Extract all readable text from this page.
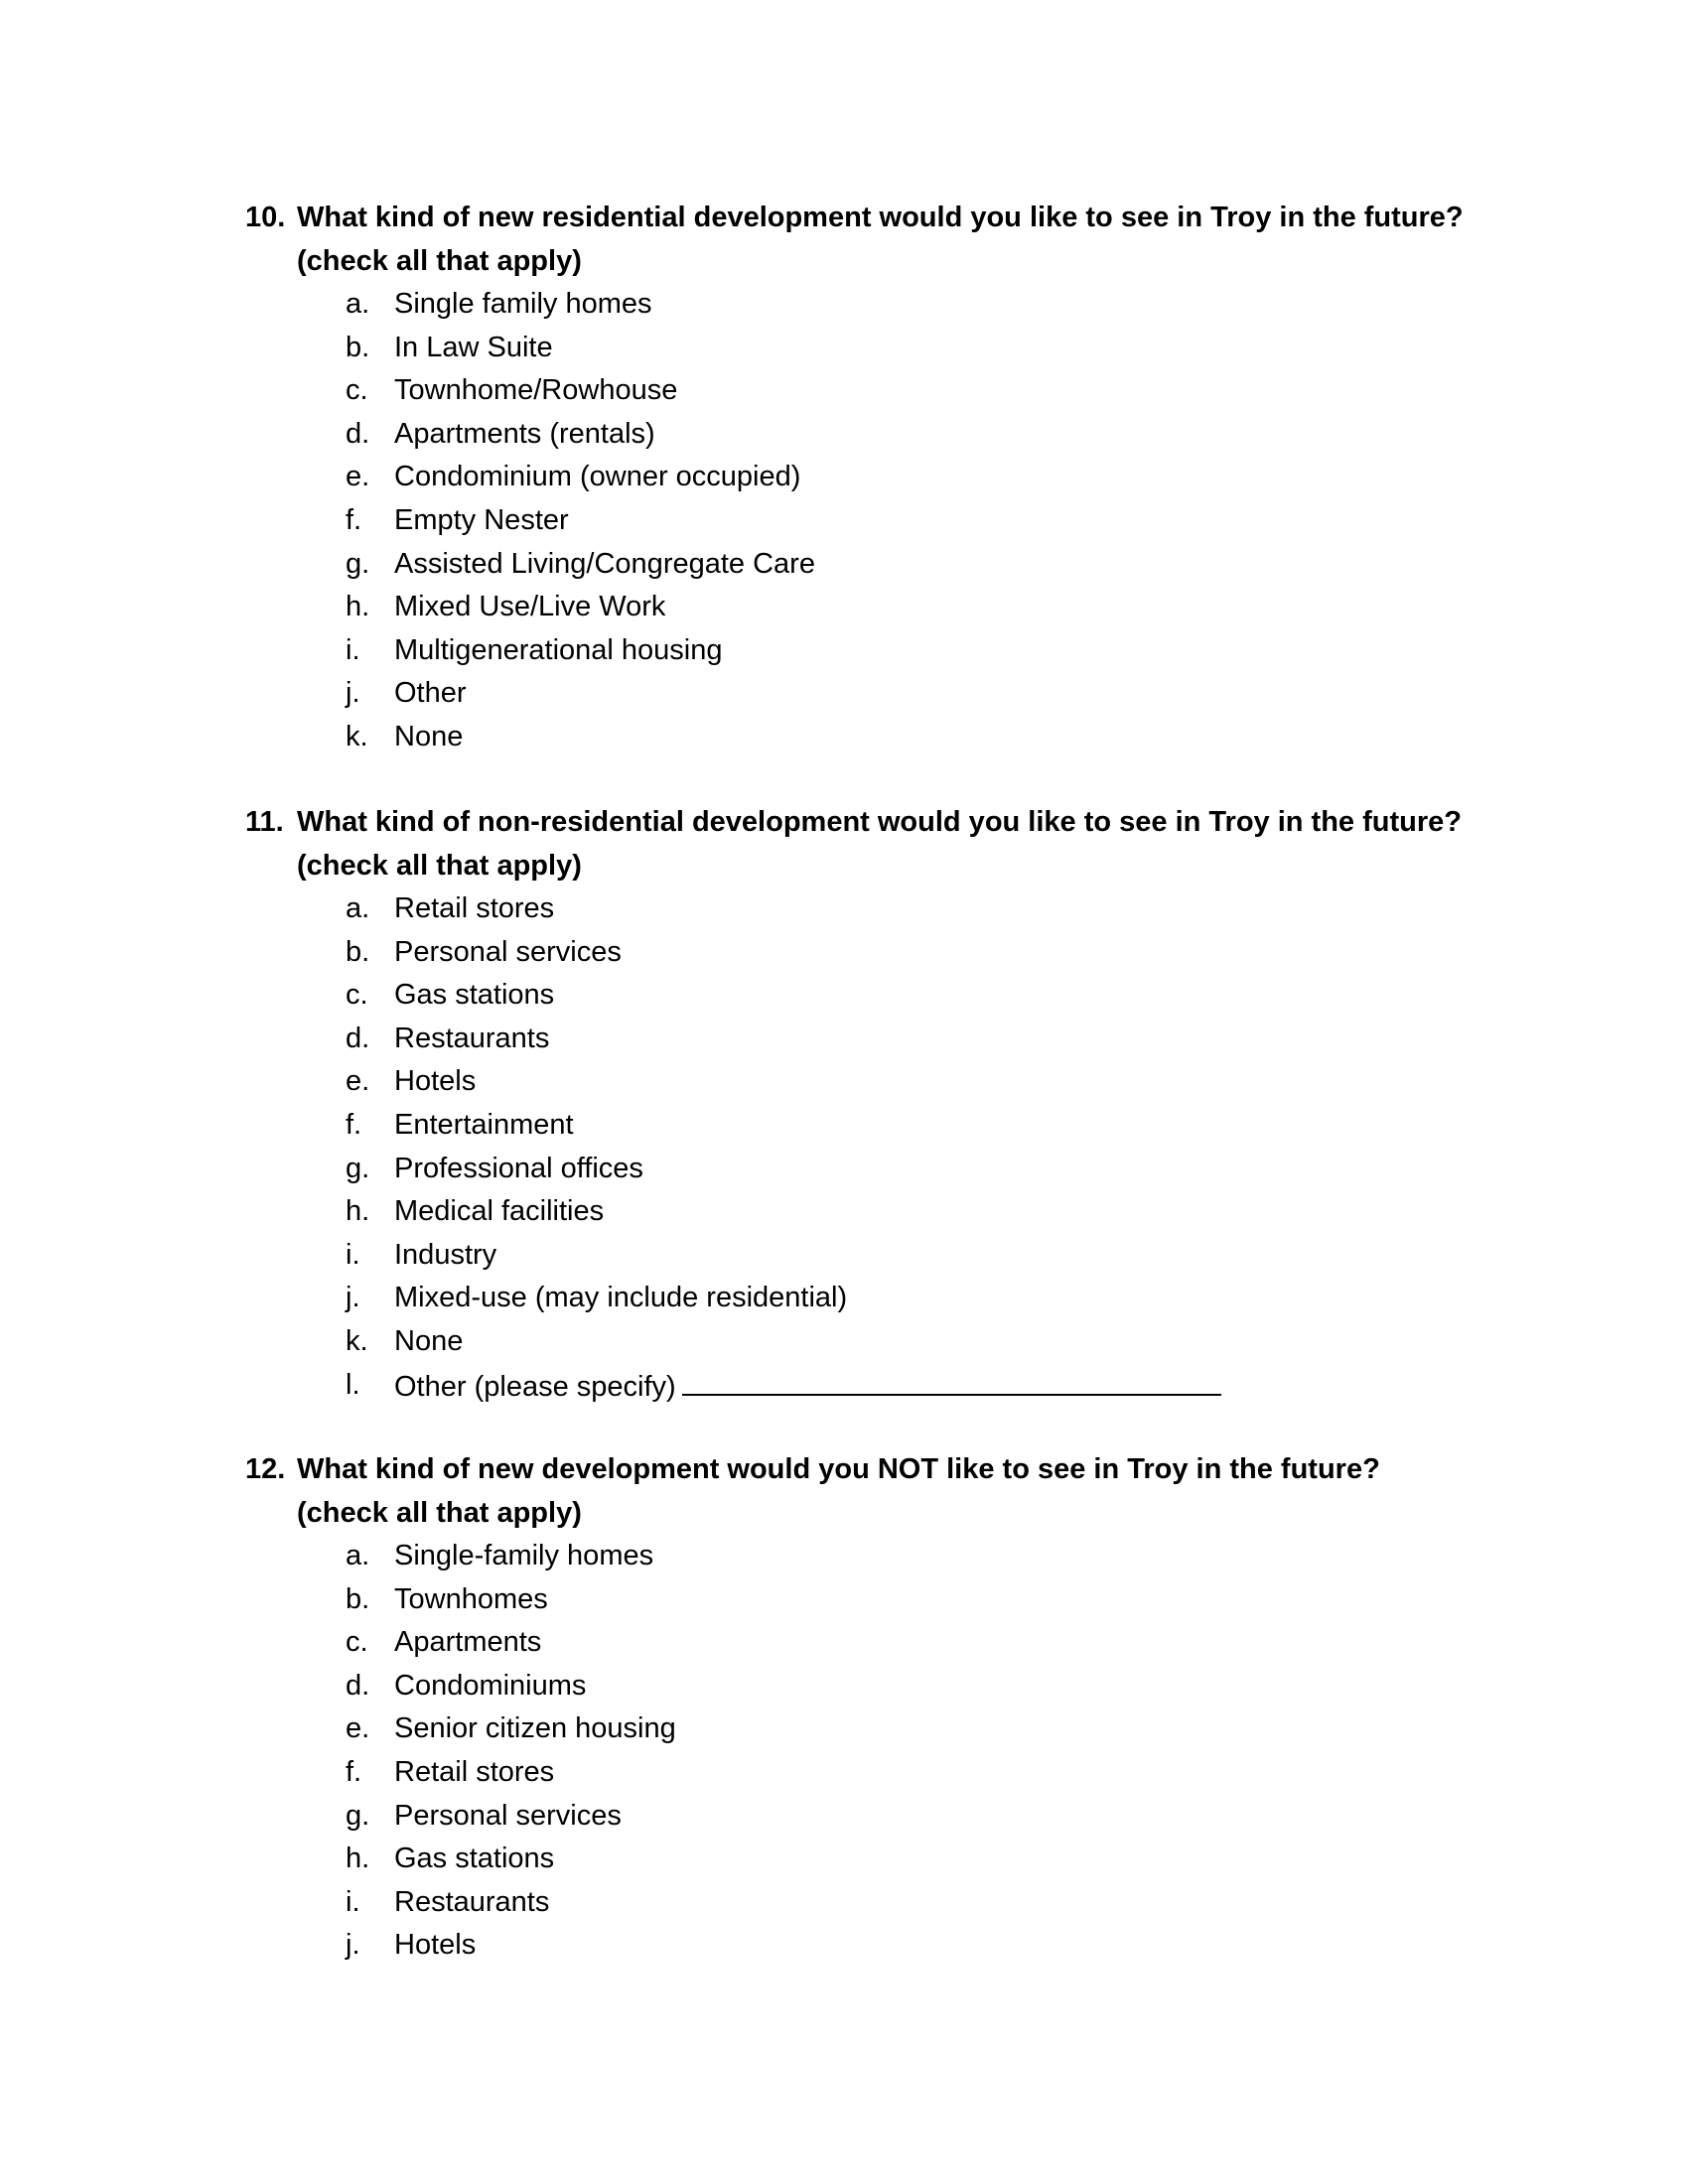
10. What kind of new residential development would you like to see in Troy in the future?
(check all that apply)
a. Single family homes
b. In Law Suite
c. Townhome/Rowhouse
d. Apartments (rentals)
e. Condominium (owner occupied)
f.	Empty Nester
g. Assisted Living/Congregate Care
h. Mixed Use/Live Work
i.	Multigenerational housing
j.	Other
k. None
11. What kind of non-residential development would you like to see in Troy in the future?
(check all that apply)
a. Retail stores
b. Personal services
c. Gas stations
d. Restaurants
e. Hotels
f.	Entertainment
g. Professional offices
h. Medical facilities
i.	Industry
j.	Mixed-use (may include residential)
k. None
l.	Other (please specify)
12. What kind of new development would you NOT like to see in Troy in the future?
(check all that apply)
a. Single-family homes
b. Townhomes
c. Apartments
d. Condominiums
e. Senior citizen housing
f.	Retail stores
g. Personal services
h. Gas stations
i.	Restaurants
j.	Hotels
